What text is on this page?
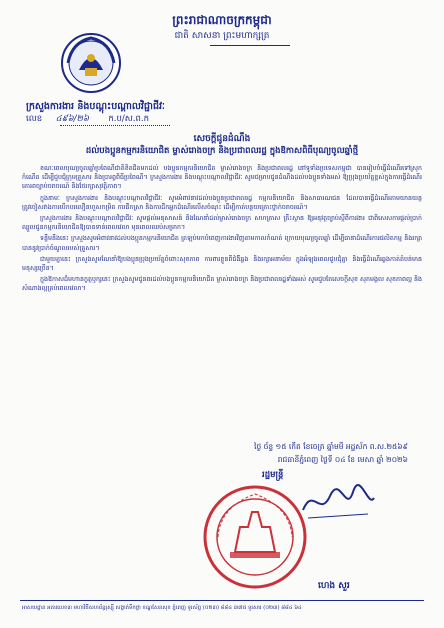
ព្រះរាជាណាចក្រកម្ពុជា
ជាតិ សាសនា ព្រះមហាក្សត្រ
ក្រសួងការងារ និងបណ្តុះបណ្តាលវិជ្ជាជីវៈ
លេខ ៤៩៦/២៦ ក.ប/ស.ព.ក
សេចក្តីជូនដំណឹង
ដល់បងប្អូនកម្មករនិយោជិត ម្ចាស់រោងចក្រ និងប្រជាពលរដ្ឋ ក្នុងឱកាសពិធីបុណ្យចូលឆ្នាំថ្មី

ខណៈពេលបុណ្យចូលឆ្នាំប្រពៃណីជាតិខិតជិតមកដល់ បងប្អូនកម្មករនិយោជិត ម្ចាស់រោងចក្រ និងប្រជាពលរដ្ឋ នៅទូទាំងប្រទេសកម្ពុជា បានរៀបចំធ្វើដំណើរទៅស្រុកកំណើត ដើម្បីជួបជុំក្រុមគ្រួសារ និងប្រារព្ធពិធីប្រពៃណី។ ក្រសួងការងារ និងបណ្តុះបណ្តាលវិជ្ជាជីវៈ សូមជម្រាបជូនដំណឹងដល់បងប្អូនទាំងអស់ ឱ្យប្រុងប្រយ័ត្នខ្ពស់ក្នុងការធ្វើដំណើរ គោរពច្បាប់ចរាចរណ៍ និងថែរក្សាសុវត្ថិភាព។

ក្នុងនាមៈ ក្រសួងការងារ និងបណ្តុះបណ្តាលវិជ្ជាជីវៈ សូមអំពាវនាវដល់បងប្អូនប្រជាពលរដ្ឋ កម្មករនិយោជិត និងសាធារណជន ដែលបានធ្វើដំណើរតាមយានយន្ត ត្រូវចៀសវាងការបើកបរលឿនហួសកម្រិត ការផឹកស្រា និងការដឹកអ្នកដំណើរលើសចំណុះ ដើម្បីកាត់បន្ថយគ្រោះថ្នាក់ចរាចរណ៍។

ក្រសួងការងារ និងបណ្តុះបណ្តាលវិជ្ជាជីវៈ សូមផ្តល់អនុសាសន៍ និងណែនាំដល់ម្ចាស់រោងចក្រ សហគ្រាស គ្រឹះស្ថាន ឱ្យអនុវត្តច្បាប់ស្តីពីការងារ ជាពិសេសការផ្តល់ប្រាក់ឈ្នួលជូនកម្មករនិយោជិតឱ្យបានទាន់ពេលវេលា មុនពេលឈប់សម្រាក។

ទន្ទឹមនឹងនេះ ក្រសួងសូមអំពាវនាវដល់បងប្អូនកម្មករនិយោជិត ត្រឡប់មកបំពេញការងារវិញតាមកាលកំណត់ ក្រោយបុណ្យចូលឆ្នាំ ដើម្បីធានាដំណើរការផលិតកម្ម និងរក្សាបាននូវប្រាក់ចំណូលរបស់គ្រួសារ។

ជាមួយគ្នានេះ ក្រសួងសូមណែនាំឱ្យបងប្អូនប្រុងប្រយ័ត្នចំពោះសុខភាព ការពារខ្លួនពីជំងឺឆ្លង និងរក្សាអនាម័យ ក្នុងអំឡុងពេលជួបជុំគ្នា និងធ្វើដំណើរឆ្លងកាត់តំបន់មានមនុស្សច្រើន។

ក្នុងឱកាសដ៏មហានក្ខត្តឫក្សនេះ ក្រសួងសូមជូនពរដល់បងប្អូនកម្មករនិយោជិត ម្ចាស់រោងចក្រ និងប្រជាពលរដ្ឋទាំងអស់ សូមជួបតែសេចក្តីសុខ សុភមង្គល សុខភាពល្អ និងសំណាងល្អគ្រប់ពេលវេលា។

ថ្ងៃ ច័ន្ទ ១៥ កើត ខែចេត្រ ឆ្នាំមមី អដ្ឋស័ក ព.ស.២៥៦៩
រាជធានីភ្នំពេញ ថ្ងៃទី ០៤ ខែ មេសា ឆ្នាំ ២០២៦
រដ្ឋមន្ត្រី
ហេង សួរ
អាសយដ្ឋាន អគារលេខ៣ មហាវិថីសហព័ន្ធរុស្ស៊ី សង្កាត់ទឹកថ្លា ខណ្ឌសែនសុខ ភ្នំពេញ ទូរស័ព្ទ (០២៣) ៨៨៤ ៣៧៥ ទូរសារ (០២៣) ៨៨៤ ៦៤
